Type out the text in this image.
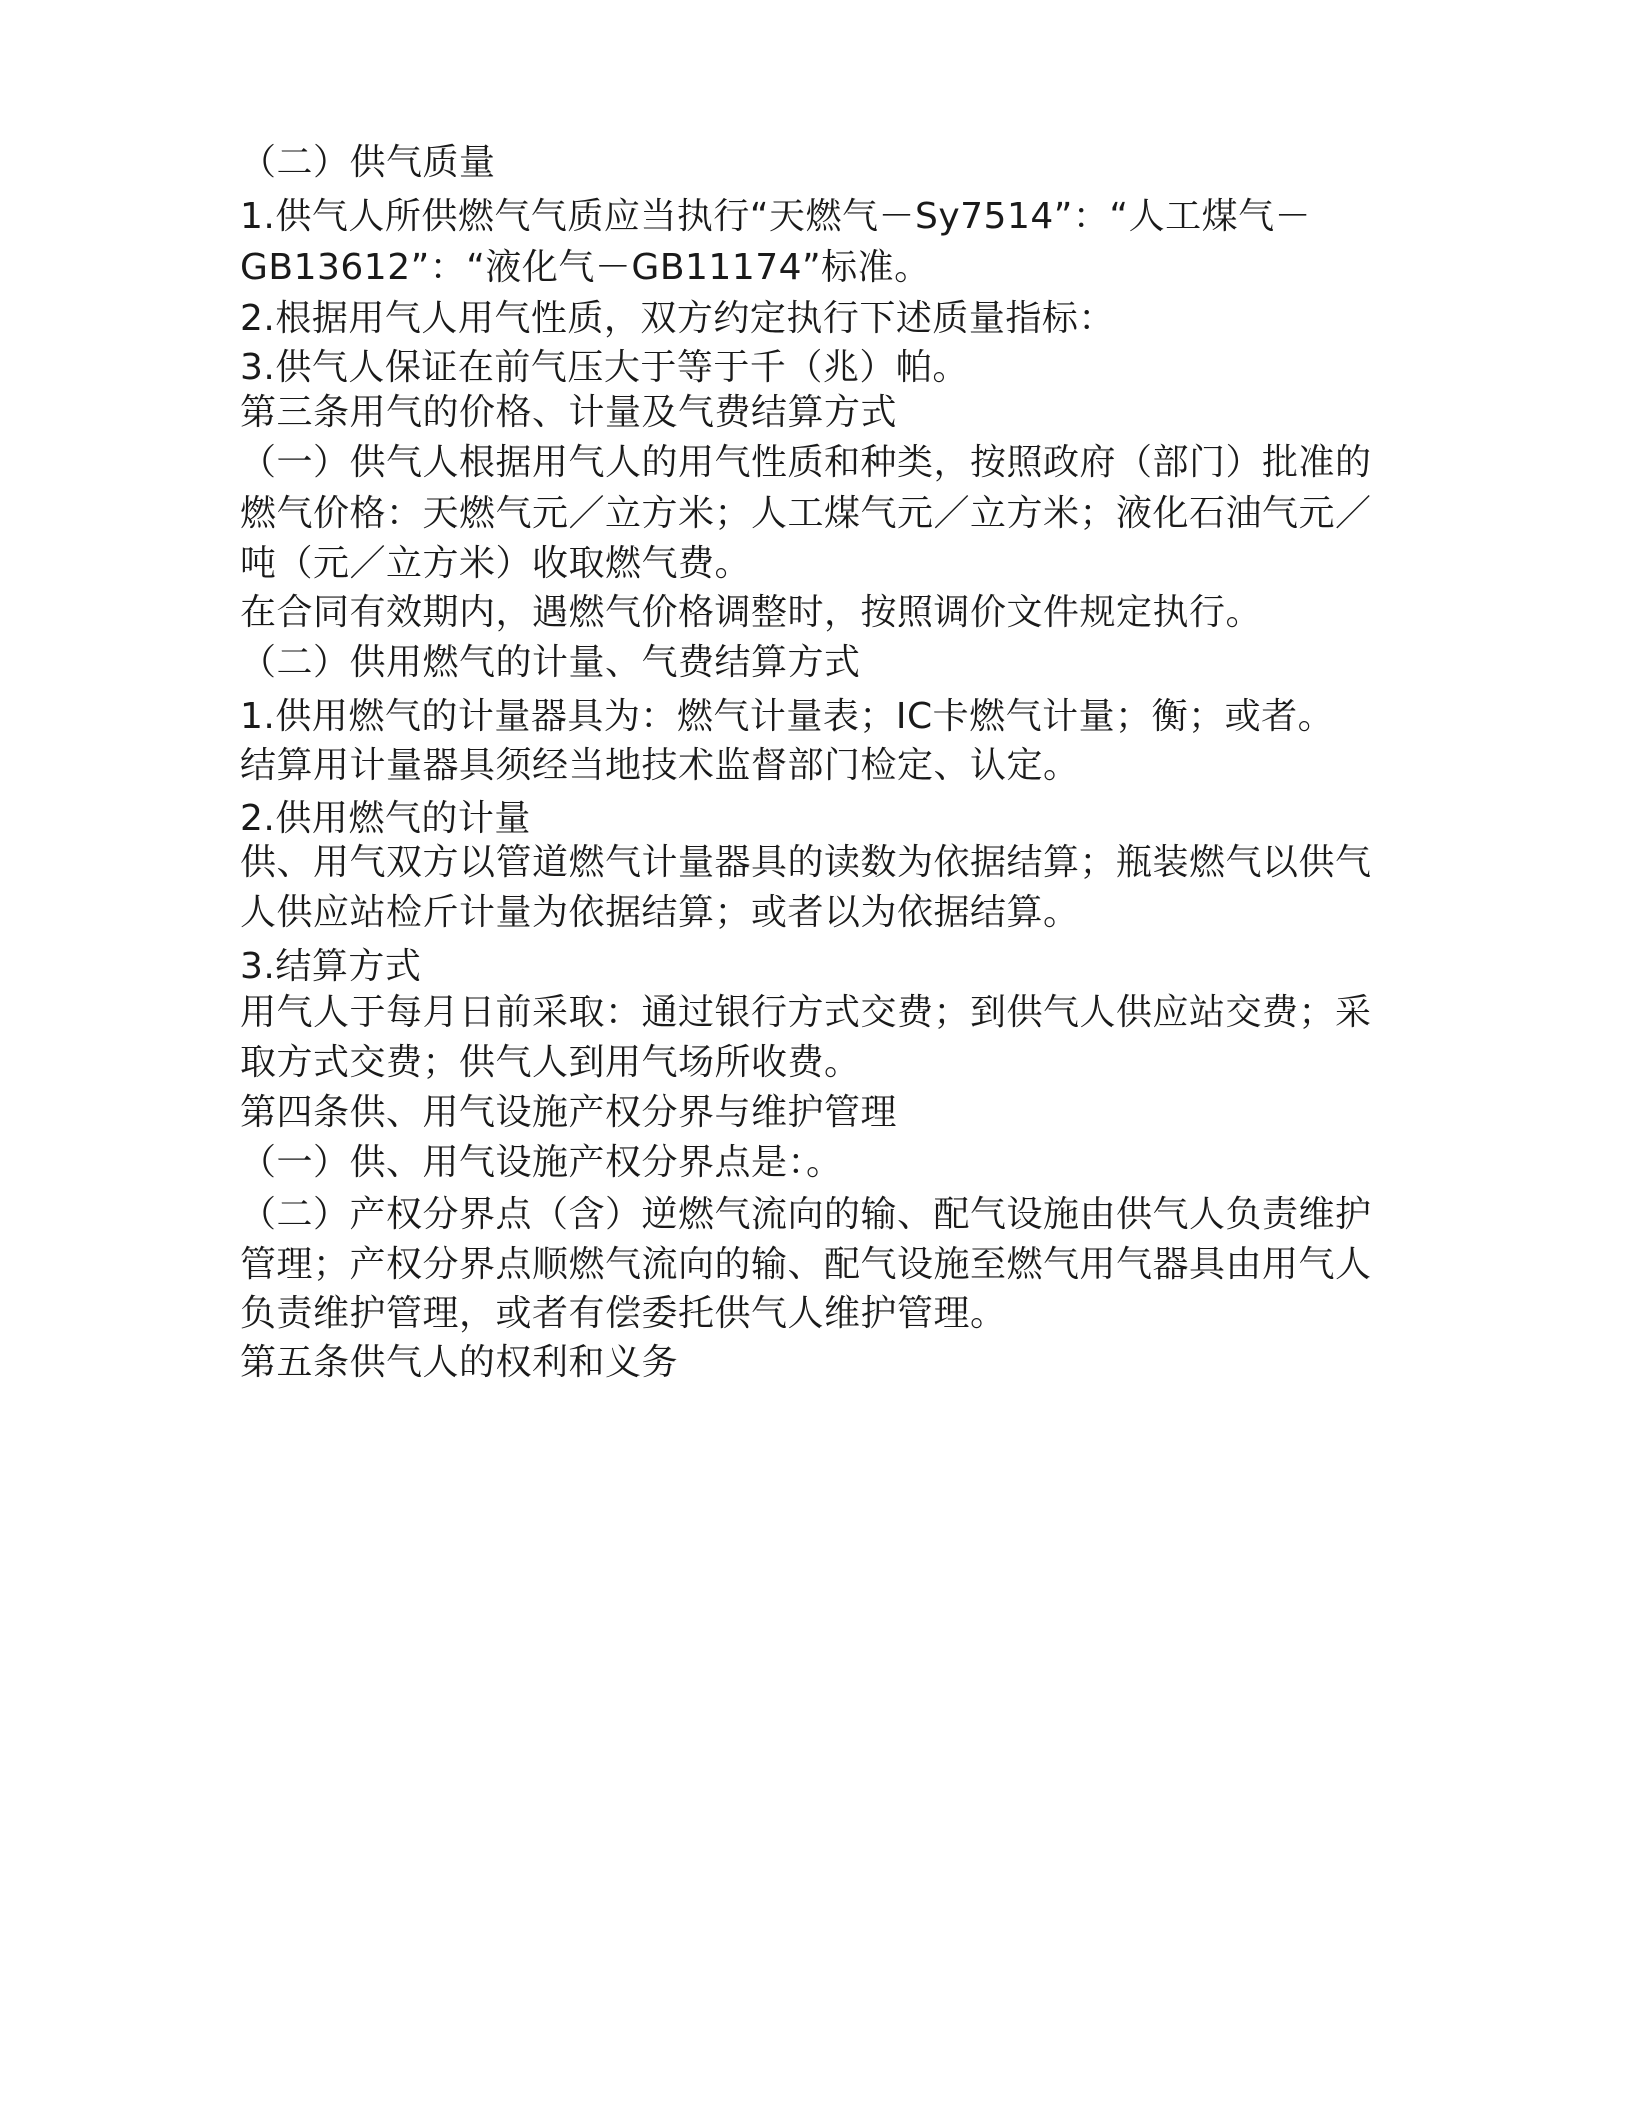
（二）供气质量
1.供气人所供燃气气质应当执行“天燃气－Sy7514”：“人工煤气－
GB13612”：“液化气－GB11174”标准。
2.根据用气人用气性质，双方约定执行下述质量指标：
3.供气人保证在前气压大于等于千（兆）帕。
第三条用气的价格、计量及气费结算方式
（一）供气人根据用气人的用气性质和种类，按照政府（部门）批准的
燃气价格：天燃气元／立方米；人工煤气元／立方米；液化石油气元／
吨（元／立方米）收取燃气费。
在合同有效期内，遇燃气价格调整时，按照调价文件规定执行。
（二）供用燃气的计量、气费结算方式
1.供用燃气的计量器具为：燃气计量表；IC卡燃气计量；衡；或者。
结算用计量器具须经当地技术监督部门检定、认定。
2.供用燃气的计量
供、用气双方以管道燃气计量器具的读数为依据结算；瓶装燃气以供气
人供应站检斤计量为依据结算；或者以为依据结算。
3.结算方式
用气人于每月日前采取：通过银行方式交费；到供气人供应站交费；采
取方式交费；供气人到用气场所收费。
第四条供、用气设施产权分界与维护管理
（一）供、用气设施产权分界点是：。
（二）产权分界点（含）逆燃气流向的输、配气设施由供气人负责维护
管理；产权分界点顺燃气流向的输、配气设施至燃气用气器具由用气人
负责维护管理，或者有偿委托供气人维护管理。
第五条供气人的权利和义务
